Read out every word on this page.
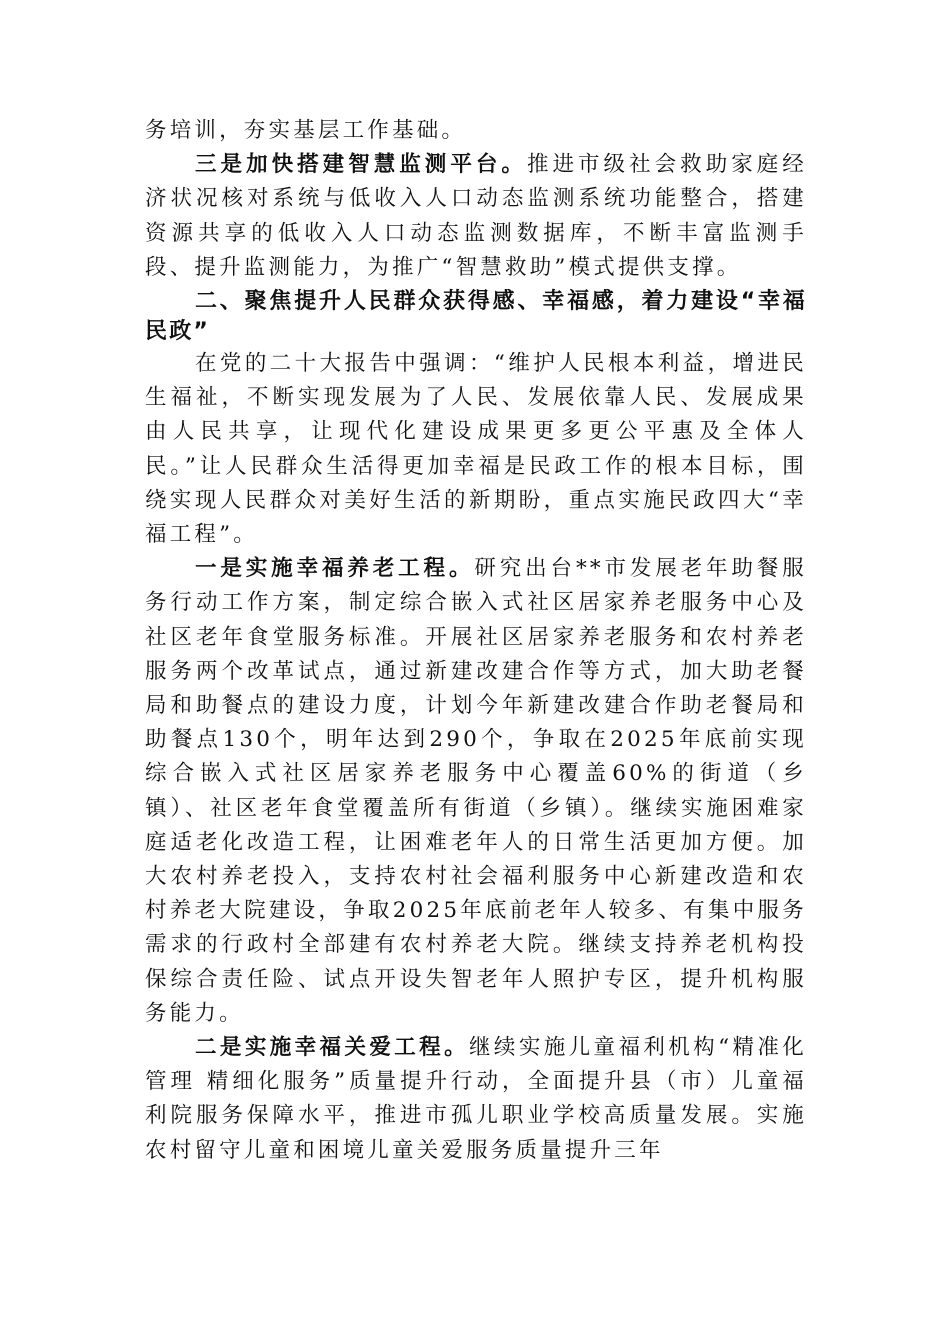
务培训，夯实基层工作基础。

三是加快搭建智慧监测平台。推进市级社会救助家庭经济状况核对系统与低收入人口动态监测系统功能整合，搭建资源共享的低收入人口动态监测数据库，不断丰富监测手段、提升监测能力，为推广“智慧救助”模式提供支撑。

二、聚焦提升人民群众获得感、幸福感，着力建设“幸福民政”

在党的二十大报告中强调：“维护人民根本利益，增进民生福祉，不断实现发展为了人民、发展依靠人民、发展成果由人民共享，让现代化建设成果更多更公平惠及全体人民。”让人民群众生活得更加幸福是民政工作的根本目标，围绕实现人民群众对美好生活的新期盼，重点实施民政四大“幸福工程”。

一是实施幸福养老工程。研究出台**市发展老年助餐服务行动工作方案，制定综合嵌入式社区居家养老服务中心及社区老年食堂服务标准。开展社区居家养老服务和农村养老服务两个改革试点，通过新建改建合作等方式，加大助老餐局和助餐点的建设力度，计划今年新建改建合作助老餐局和助餐点130个，明年达到290个，争取在2025年底前实现综合嵌入式社区居家养老服务中心覆盖60%的街道（乡镇）、社区老年食堂覆盖所有街道（乡镇）。继续实施困难家庭适老化改造工程，让困难老年人的日常生活更加方便。加大农村养老投入，支持农村社会福利服务中心新建改造和农村养老大院建设，争取2025年底前老年人较多、有集中服务需求的行政村全部建有农村养老大院。继续支持养老机构投保综合责任险、试点开设失智老年人照护专区，提升机构服务能力。

二是实施幸福关爱工程。继续实施儿童福利机构“精准化管理 精细化服务”质量提升行动，全面提升县（市）儿童福利院服务保障水平，推进市孤儿职业学校高质量发展。实施农村留守儿童和困境儿童关爱服务质量提升三年
